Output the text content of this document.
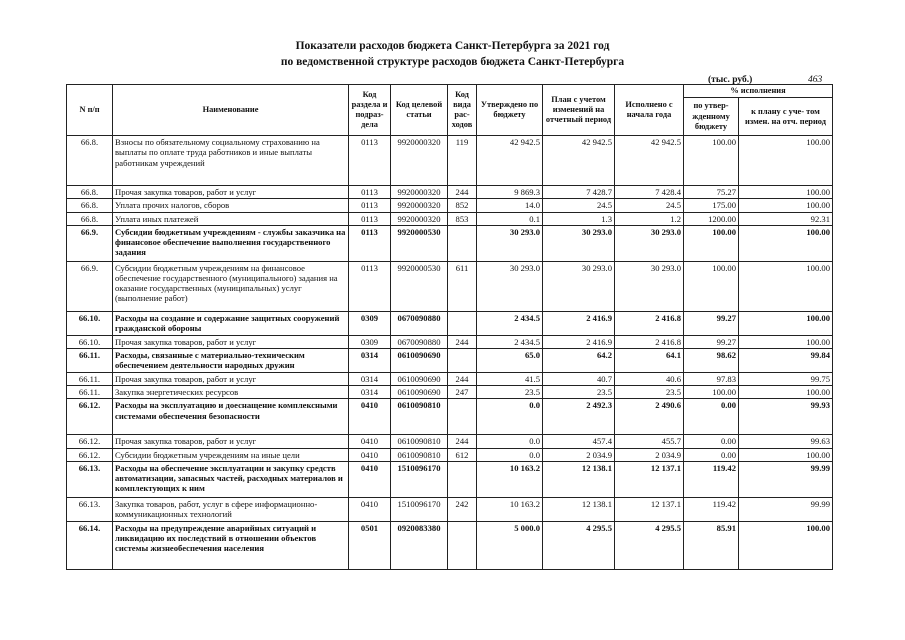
Показатели расходов бюджета Санкт-Петербурга за 2021 год
по ведомственной структуре расходов бюджета Санкт-Петербурга
(тыс. руб.)	463
N п/п	Наименование	Код раздела и подраз- дела	Код целевой статьи	Код вида рас- ходов	Утверждено по бюджету	План с учетом изменений на отчетный период	Исполнено с начала года	% исполнения	
								по утвер- жденному бюджету	к плану с уче- том измен. на отч. период
66.8.	Взносы по обязательному социальному страхованию на выплаты по оплате труда работников и иные выплаты работникам учреждений	0113	9920000320	119	42 942.5	42 942.5	42 942.5	100.00	100.00
66.8.	Прочая закупка товаров, работ и услуг	0113	9920000320	244	9 869.3	7 428.7	7 428.4	75.27	100.00
66.8.	Уплата прочих налогов, сборов	0113	9920000320	852	14.0	24.5	24.5	175.00	100.00
66.8.	Уплата иных платежей	0113	9920000320	853	0.1	1.3	1.2	1200.00	92.31
66.9.	Субсидии бюджетным учреждениям - службы заказчика на финансовое обеспечение выполнения государственного задания	0113	9920000530		30 293.0	30 293.0	30 293.0	100.00	100.00
66.9.	Субсидии бюджетным учреждениям на финансовое обеспечение государственного (муниципального) задания на оказание государственных (муниципальных) услуг (выполнение работ)	0113	9920000530	611	30 293.0	30 293.0	30 293.0	100.00	100.00
66.10.	Расходы на создание и содержание защитных сооружений гражданской обороны	0309	0670090880		2 434.5	2 416.9	2 416.8	99.27	100.00
66.10.	Прочая закупка товаров, работ и услуг	0309	0670090880	244	2 434.5	2 416.9	2 416.8	99.27	100.00
66.11.	Расходы, связанные с материально-техническим обеспечением деятельности народных дружин	0314	0610090690		65.0	64.2	64.1	98.62	99.84
66.11.	Прочая закупка товаров, работ и услуг	0314	0610090690	244	41.5	40.7	40.6	97.83	99.75
66.11.	Закупка энергетических ресурсов	0314	0610090690	247	23.5	23.5	23.5	100.00	100.00
66.12.	Расходы на эксплуатацию и доеснащение комплексными системами обеспечения безопасности	0410	0610090810		0.0	2 492.3	2 490.6	0.00	99.93
66.12.	Прочая закупка товаров, работ и услуг	0410	0610090810	244	0.0	457.4	455.7	0.00	99.63
66.12.	Субсидии бюджетным учреждениям на иные цели	0410	0610090810	612	0.0	2 034.9	2 034.9	0.00	100.00
66.13.	Расходы на обеспечение эксплуатации и закупку средств автоматизации, запасных частей, расходных материалов и комплектующих к ним	0410	1510096170		10 163.2	12 138.1	12 137.1	119.42	99.99
66.13.	Закупка товаров, работ, услуг в сфере информационно-коммуникационных технологий	0410	1510096170	242	10 163.2	12 138.1	12 137.1	119.42	99.99
66.14.	Расходы на предупреждение аварийных ситуаций и ликвидацию их последствий в отношении объектов системы жизнеобеспечения населения	0501	0920083380		5 000.0	4 295.5	4 295.5	85.91	100.00
